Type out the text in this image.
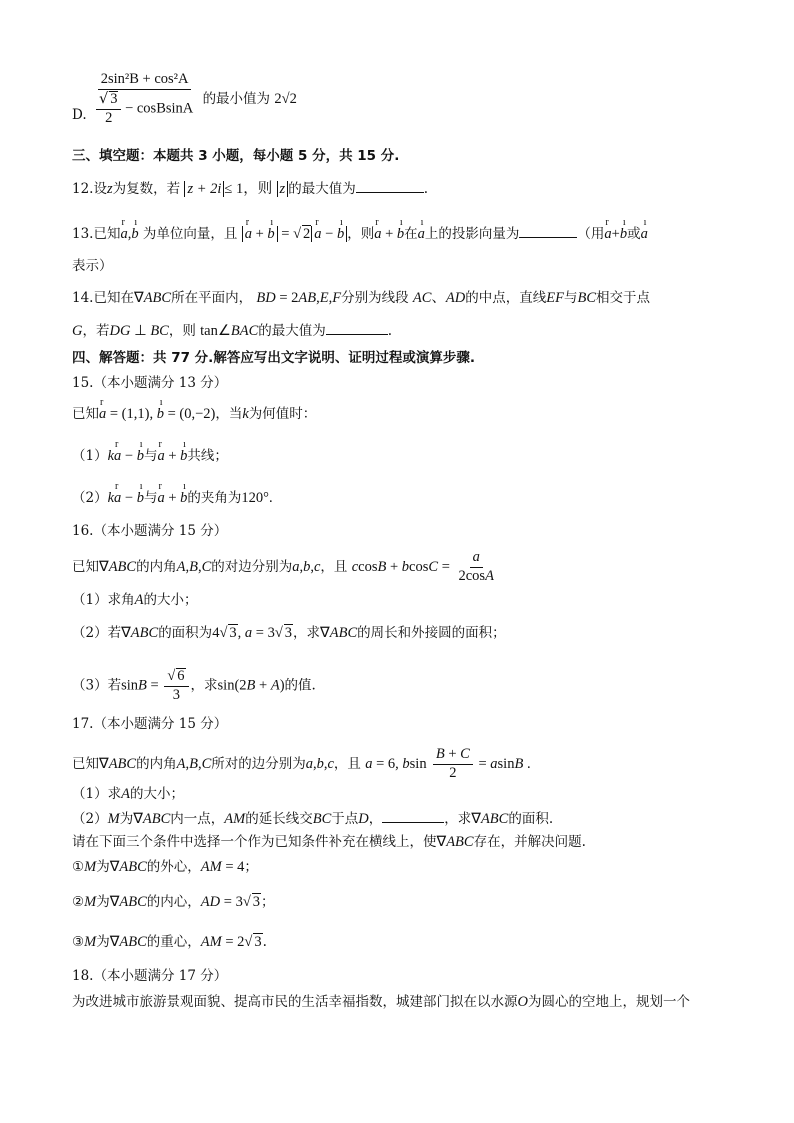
D. $\frac{\text{2sin²B + cos²A}}{\frac{√ 3}{2} - cosBsinA}$ 的最小值为 2√2
三、填空题：本题共 3 小题，每小题 5 分，共 15 分.
12.设z为复数，若 z + 2i ≤ 1，则 z 的最大值为	.
13.已知r a,ı b 为单位向量，且 r a + ı b = √ 2 r a − ı b ，则r a + ı b在ı a上的投影向量为	（用r a+ı b或ı a
表示）
14.已知在∇ABC所在平面内， BD = 2AB,E,F分别为线段 AC、AD的中点，直线EF与BC相交于点
G，若DG ⊥ BC，则 tan∠BAC的最大值为	.
四、解答题：共 77 分.解答应写出文字说明、证明过程或演算步骤.
15.（本小题满分 13 分）
已知r a = (1,1), ı b = (0,−2)，当k为何值时：
（1）kr a − ı b与r a + ı b共线；
（2）kr a − ı b与r a + ı b的夹角为120°.
16.（本小题满分 15 分）
已知∇ABC的内角A,B,C的对边分别为a,b,c，且 $ccosB + bcosC = \frac{a}{2\cos A}$
（1）求角A的大小；
（2）若∇ABC的面积为4√ 3, a = 3√ 3，求∇ABC的周长和外接圆的面积；
（3）若$\sin B = \frac{√ 6}{3}$ ，求sin(2B + A)的值.
17.（本小题满分 15 分）
已知∇ABC的内角A,B,C所对的边分别为a,b,c，且 a = 6, bsin $\frac{B + C}{2} = asinB$ .
（1）求A的大小；
（2）M为∇ABC内一点，AM的延长线交BC于点D，	，求∇ABC的面积.
请在下面三个条件中选择一个作为已知条件补充在横线上，使∇ABC存在，并解决问题.
①M为∇ABC的外心，AM = 4；
②M为∇ABC的内心，AD = 3√ 3；
③M为∇ABC的重心，AM = 2√ 3.
18.（本小题满分 17 分）
为改进城市旅游景观面貌、提高市民的生活幸福指数，城建部门拟在以水源O为圆心的空地上，规划一个
